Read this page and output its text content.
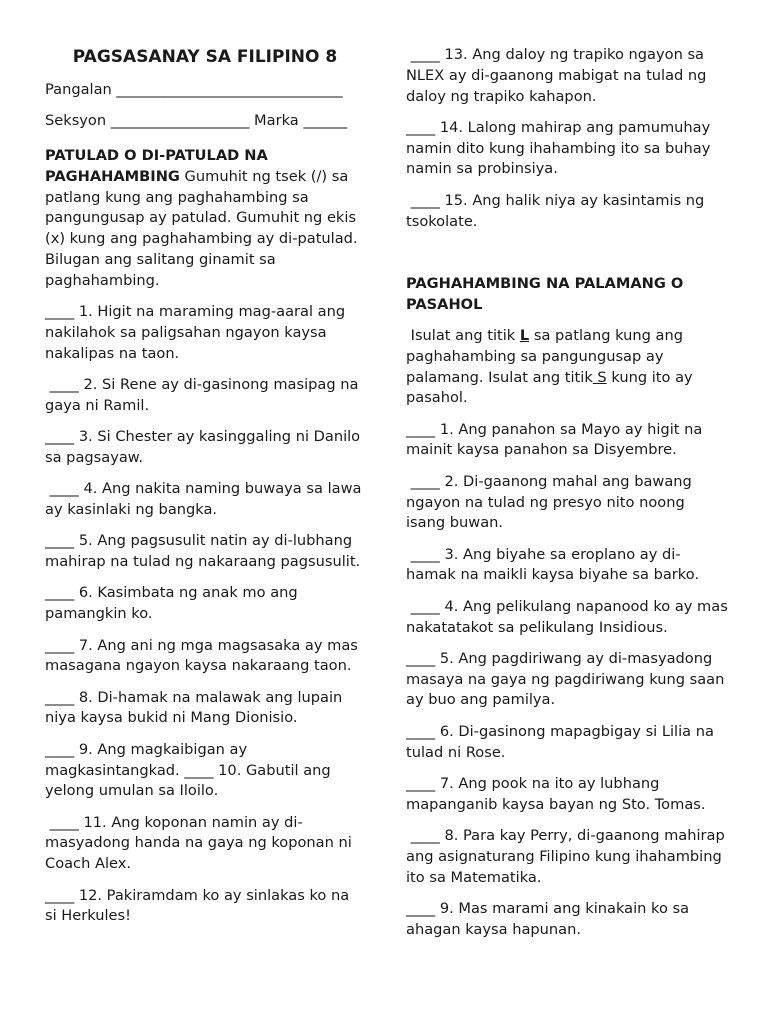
PAGSASANAY SA FILIPINO 8

Pangalan _______________________________

Seksyon ___________________ Marka ______

PATULAD O DI-PATULAD NA PAGHAHAMBING Gumuhit ng tsek (/) sa patlang kung ang paghahambing sa pangungusap ay patulad. Gumuhit ng ekis (x) kung ang paghahambing ay di-patulad. Bilugan ang salitang ginamit sa paghahambing.

____ 1. Higit na maraming mag-aaral ang nakilahok sa paligsahan ngayon kaysa nakalipas na taon.

____ 2. Si Rene ay di-gasinong masipag na gaya ni Ramil.

____ 3. Si Chester ay kasinggaling ni Danilo sa pagsayaw.

____ 4. Ang nakita naming buwaya sa lawa ay kasinlaki ng bangka.

____ 5. Ang pagsusulit natin ay di-lubhang mahirap na tulad ng nakaraang pagsusulit.

____ 6. Kasimbata ng anak mo ang pamangkin ko.

____ 7. Ang ani ng mga magsasaka ay mas masagana ngayon kaysa nakaraang taon.

____ 8. Di-hamak na malawak ang lupain niya kaysa bukid ni Mang Dionisio.

____ 9. Ang magkaibigan ay magkasintangkad. ____ 10. Gabutil ang yelong umulan sa Iloilo.

____ 11. Ang koponan namin ay di-masyadong handa na gaya ng koponan ni Coach Alex.

____ 12. Pakiramdam ko ay sinlakas ko na si Herkules!

____ 13. Ang daloy ng trapiko ngayon sa NLEX ay di-gaanong mabigat na tulad ng daloy ng trapiko kahapon.

____ 14. Lalong mahirap ang pamumuhay namin dito kung ihahambing ito sa buhay namin sa probinsiya.

____ 15. Ang halik niya ay kasintamis ng tsokolate.

PAGHAHAMBING NA PALAMANG O PASAHOL

Isulat ang titik L sa patlang kung ang paghahambing sa pangungusap ay palamang. Isulat ang titik S kung ito ay pasahol.

____ 1. Ang panahon sa Mayo ay higit na mainit kaysa panahon sa Disyembre.

____ 2. Di-gaanong mahal ang bawang ngayon na tulad ng presyo nito noong isang buwan.

____ 3. Ang biyahe sa eroplano ay di-hamak na maikli kaysa biyahe sa barko.

____ 4. Ang pelikulang napanood ko ay mas nakatatakot sa pelikulang Insidious.

____ 5. Ang pagdiriwang ay di-masyadong masaya na gaya ng pagdiriwang kung saan ay buo ang pamilya.

____ 6. Di-gasinong mapagbigay si Lilia na tulad ni Rose.

____ 7. Ang pook na ito ay lubhang mapanganib kaysa bayan ng Sto. Tomas.

____ 8. Para kay Perry, di-gaanong mahirap ang asignaturang Filipino kung ihahambing ito sa Matematika.

____ 9. Mas marami ang kinakain ko sa ahagan kaysa hapunan.
